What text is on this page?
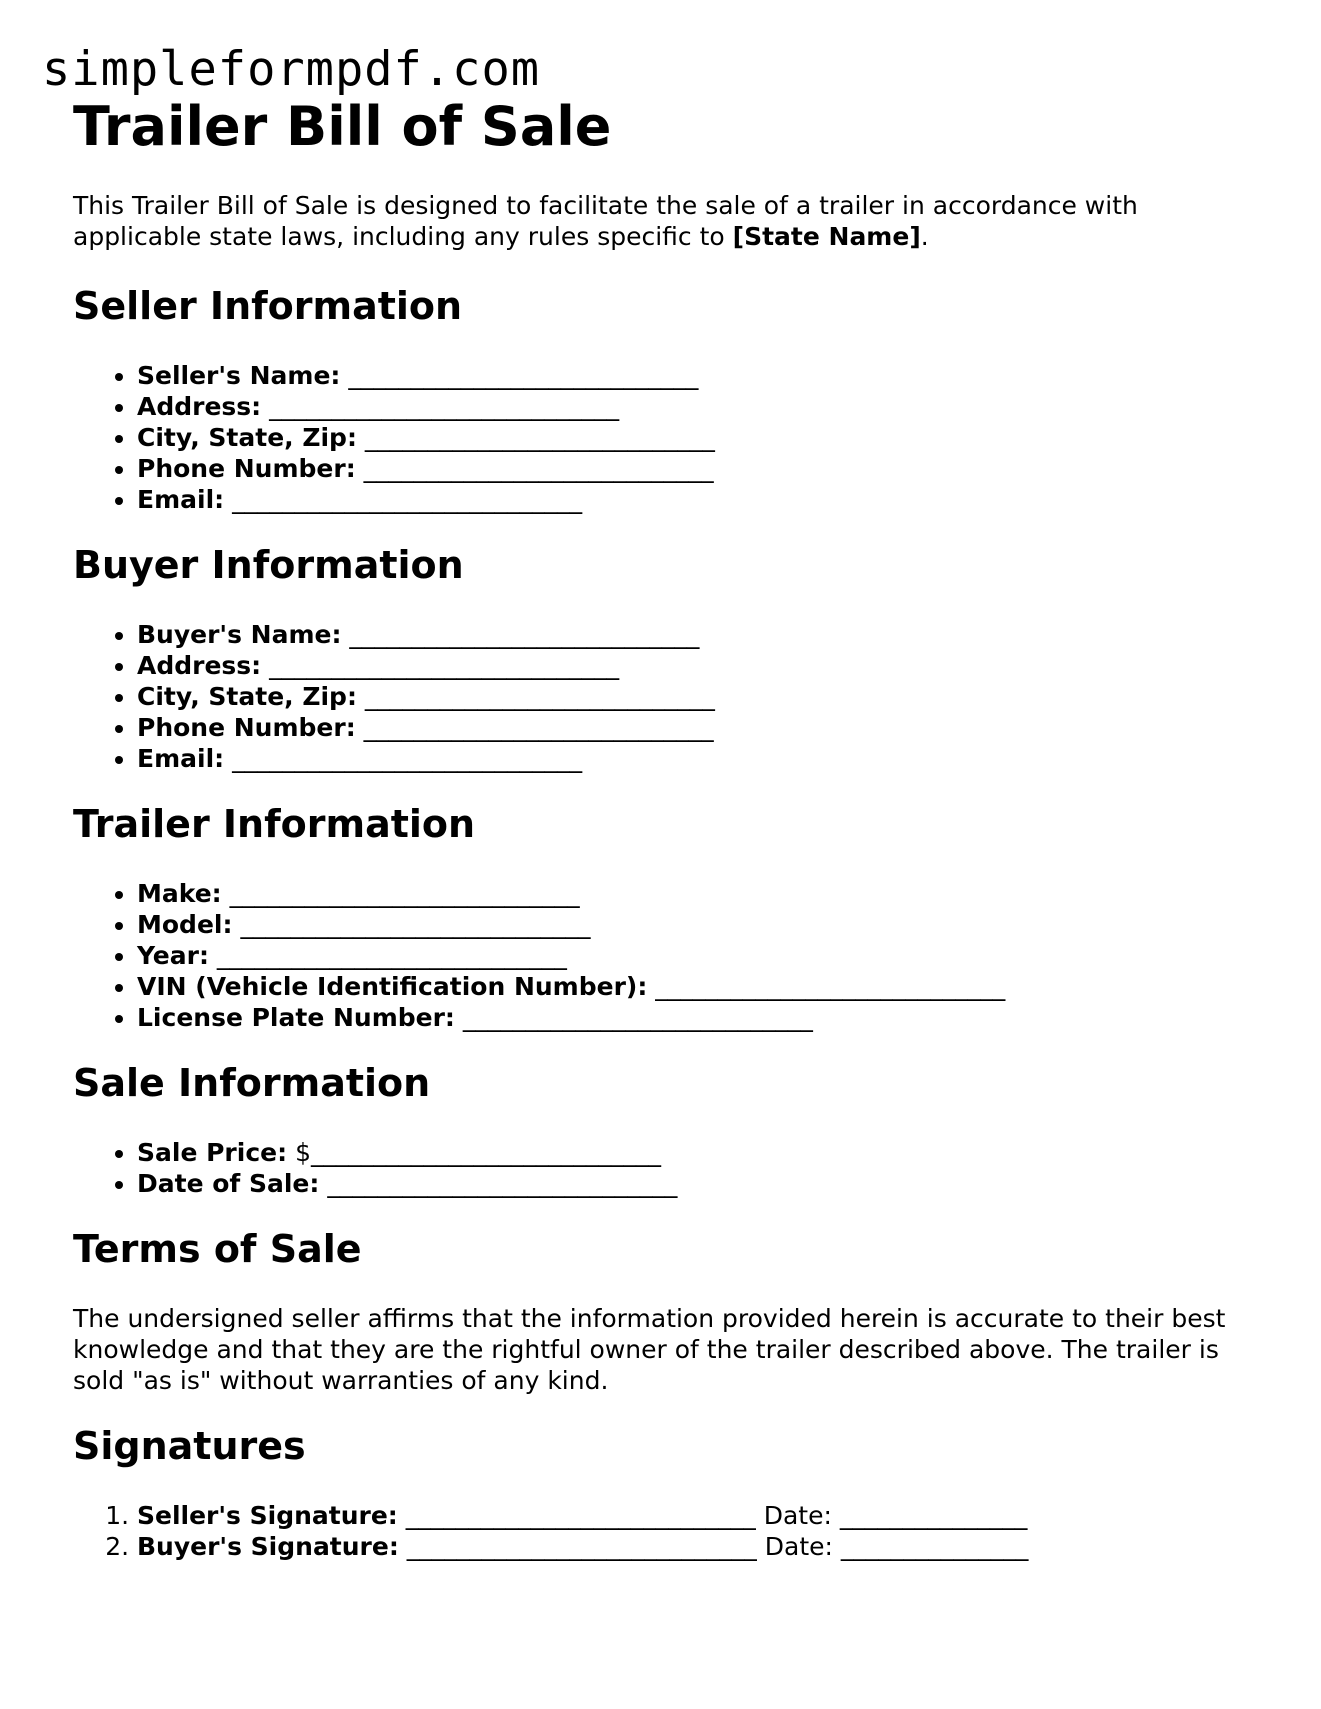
simpleformpdf.com
Trailer Bill of Sale

This Trailer Bill of Sale is designed to facilitate the sale of a trailer in accordance with applicable state laws, including any rules specific to [State Name].

Seller Information
• Seller's Name: ____________________________
• Address: ____________________________
• City, State, Zip: ____________________________
• Phone Number: ____________________________
• Email: ____________________________
Buyer Information
• Buyer's Name: ____________________________
• Address: ____________________________
• City, State, Zip: ____________________________
• Phone Number: ____________________________
• Email: ____________________________
Trailer Information
• Make: ____________________________
• Model: ____________________________
• Year: ____________________________
• VIN (Vehicle Identification Number): ____________________________
• License Plate Number: ____________________________
Sale Information
• Sale Price: $____________________________
• Date of Sale: ____________________________
Terms of Sale

The undersigned seller affirms that the information provided herein is accurate to their best knowledge and that they are the rightful owner of the trailer described above. The trailer is sold "as is" without warranties of any kind.

Signatures
1. Seller's Signature: ____________________________ Date: _______________
2. Buyer's Signature: ____________________________ Date: _______________
